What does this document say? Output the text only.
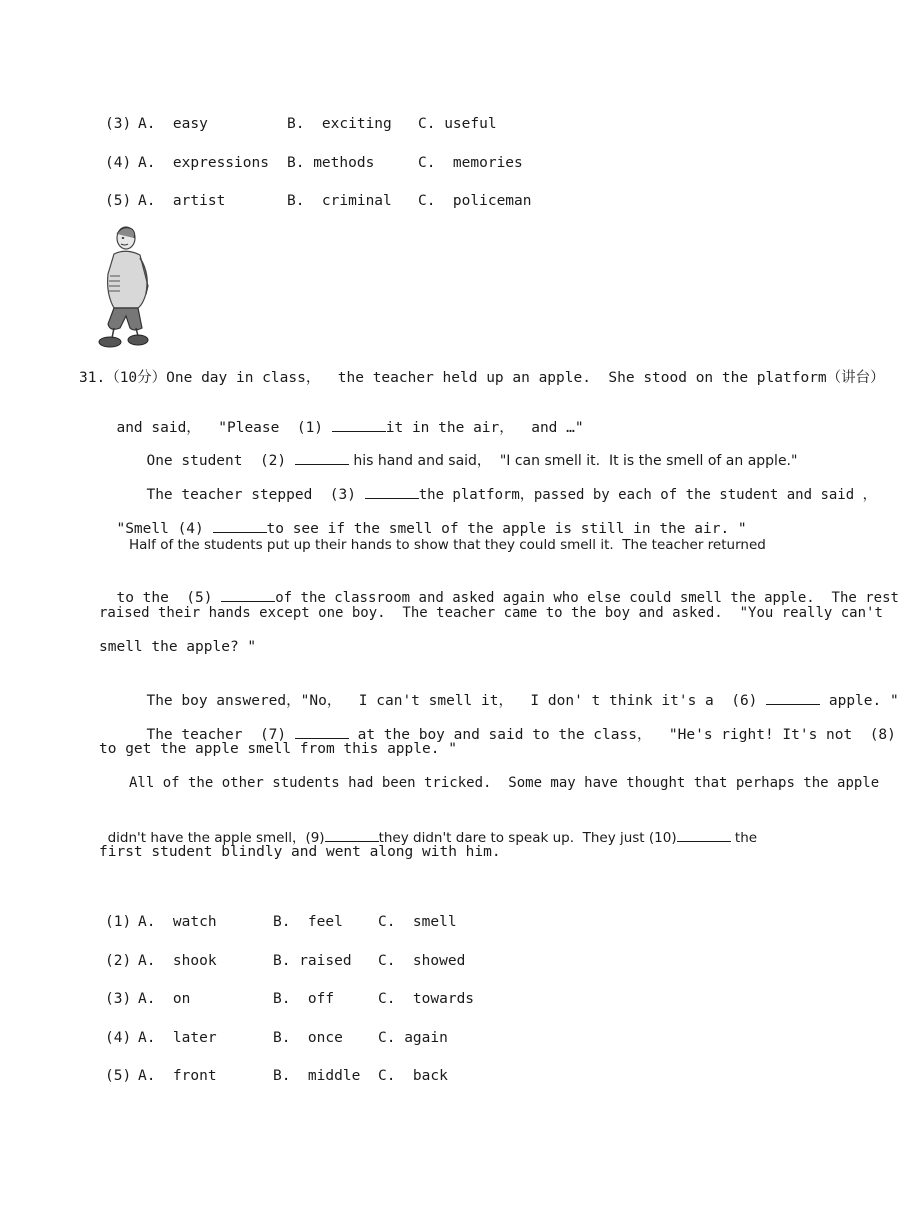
(3) A.  easy	B.  exciting C. useful
(4) A.  expressions B. methods	C.  memories
(5) A.  artist	B.  criminal C.  policeman
31.（10分）One day in class，  the teacher held up an apple.  She stood on the platform（讲台）

and said，  "Please  (1)	it in the air，  and …"

One student  (2)	his hand and said，  "I can smell it.  It is the smell of an apple."

The teacher stepped  (3)	the platform，passed by each of the student and said ，

"Smell (4)	to see if the smell of the apple is still in the air. "

Half of the students put up their hands to show that they could smell it.  The teacher returned

to the  (5)	of the classroom and asked again who else could smell the apple.  The rest

raised their hands except one boy.  The teacher came to the boy and asked.  "You really can't
smell the apple? "

The boy answered，"No，  I can't smell it，  I don' t think it's a  (6)	apple. "

The teacher  (7)	at the boy and said to the class，  "He's right! It's not  (8)

to get the apple smell from this apple. "
All of the other students had been tricked.  Some may have thought that perhaps the apple

didn't have the apple smell，(9)	they didn't dare to speak up.  They just (10)	the

first student blindly and went along with him.
(1) A.  watch	B.  feel C.  smell
(2) A.  shook	B. raised C.  showed
(3) A.  on	B.  off	C.  towards
(4) A.  later	B.  once C. again
(5) A.  front	B.  middle C.  back
